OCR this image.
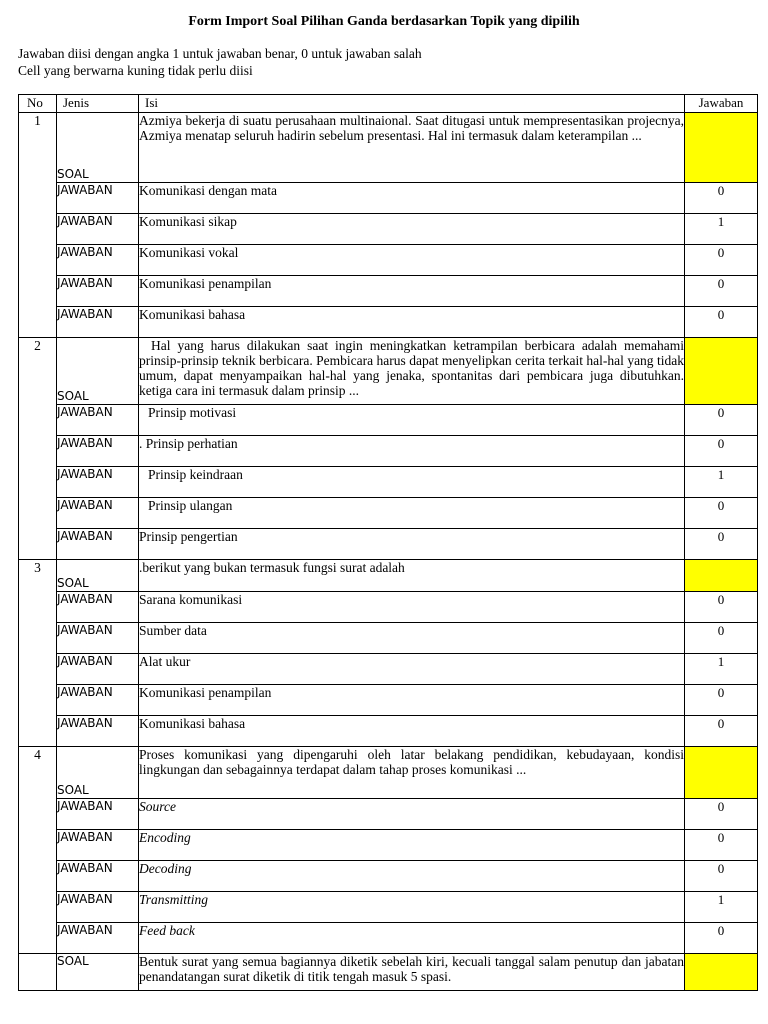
Form Import Soal Pilihan Ganda berdasarkan Topik yang dipilih
Jawaban diisi dengan angka 1 untuk jawaban benar, 0 untuk jawaban salah
Cell yang berwarna kuning tidak perlu diisi
No	Jenis	Isi	Jawaban
1	SOAL	Azmiya bekerja di suatu perusahaan multinaional. Saat ditugasi untuk mempresentasikan projecnya, Azmiya menatap seluruh hadirin sebelum presentasi. Hal ini termasuk dalam keterampilan ...	
	JAWABAN	Komunikasi dengan mata	0
	JAWABAN	Komunikasi sikap	1
	JAWABAN	Komunikasi vokal	0
	JAWABAN	Komunikasi penampilan	0
	JAWABAN	Komunikasi bahasa	0
2	SOAL	Hal yang harus dilakukan saat ingin meningkatkan ketrampilan berbicara adalah memahami prinsip-prinsip teknik berbicara. Pembicara harus dapat menyelipkan cerita terkait hal-hal yang tidak umum, dapat menyampaikan hal-hal yang jenaka, spontanitas dari pembicara juga dibutuhkan. ketiga cara ini termasuk dalam prinsip ...	
	JAWABAN	Prinsip motivasi	0
	JAWABAN	. Prinsip perhatian	0
	JAWABAN	Prinsip keindraan	1
	JAWABAN	Prinsip ulangan	0
	JAWABAN	Prinsip pengertian	0
3	SOAL	.berikut yang bukan termasuk fungsi surat adalah	
	JAWABAN	Sarana komunikasi	0
	JAWABAN	Sumber data	0
	JAWABAN	Alat ukur	1
	JAWABAN	Komunikasi penampilan	0
	JAWABAN	Komunikasi bahasa	0
4	SOAL	Proses komunikasi yang dipengaruhi oleh latar belakang pendidikan, kebudayaan, kondisi lingkungan dan sebagainnya terdapat dalam tahap proses komunikasi ...	
	JAWABAN	Source	0
	JAWABAN	Encoding	0
	JAWABAN	Decoding	0
	JAWABAN	Transmitting	1
	JAWABAN	Feed back	0
	SOAL	Bentuk surat yang semua bagiannya diketik sebelah kiri, kecuali tanggal salam penutup dan jabatan penandatangan surat diketik di titik tengah masuk 5 spasi.	
